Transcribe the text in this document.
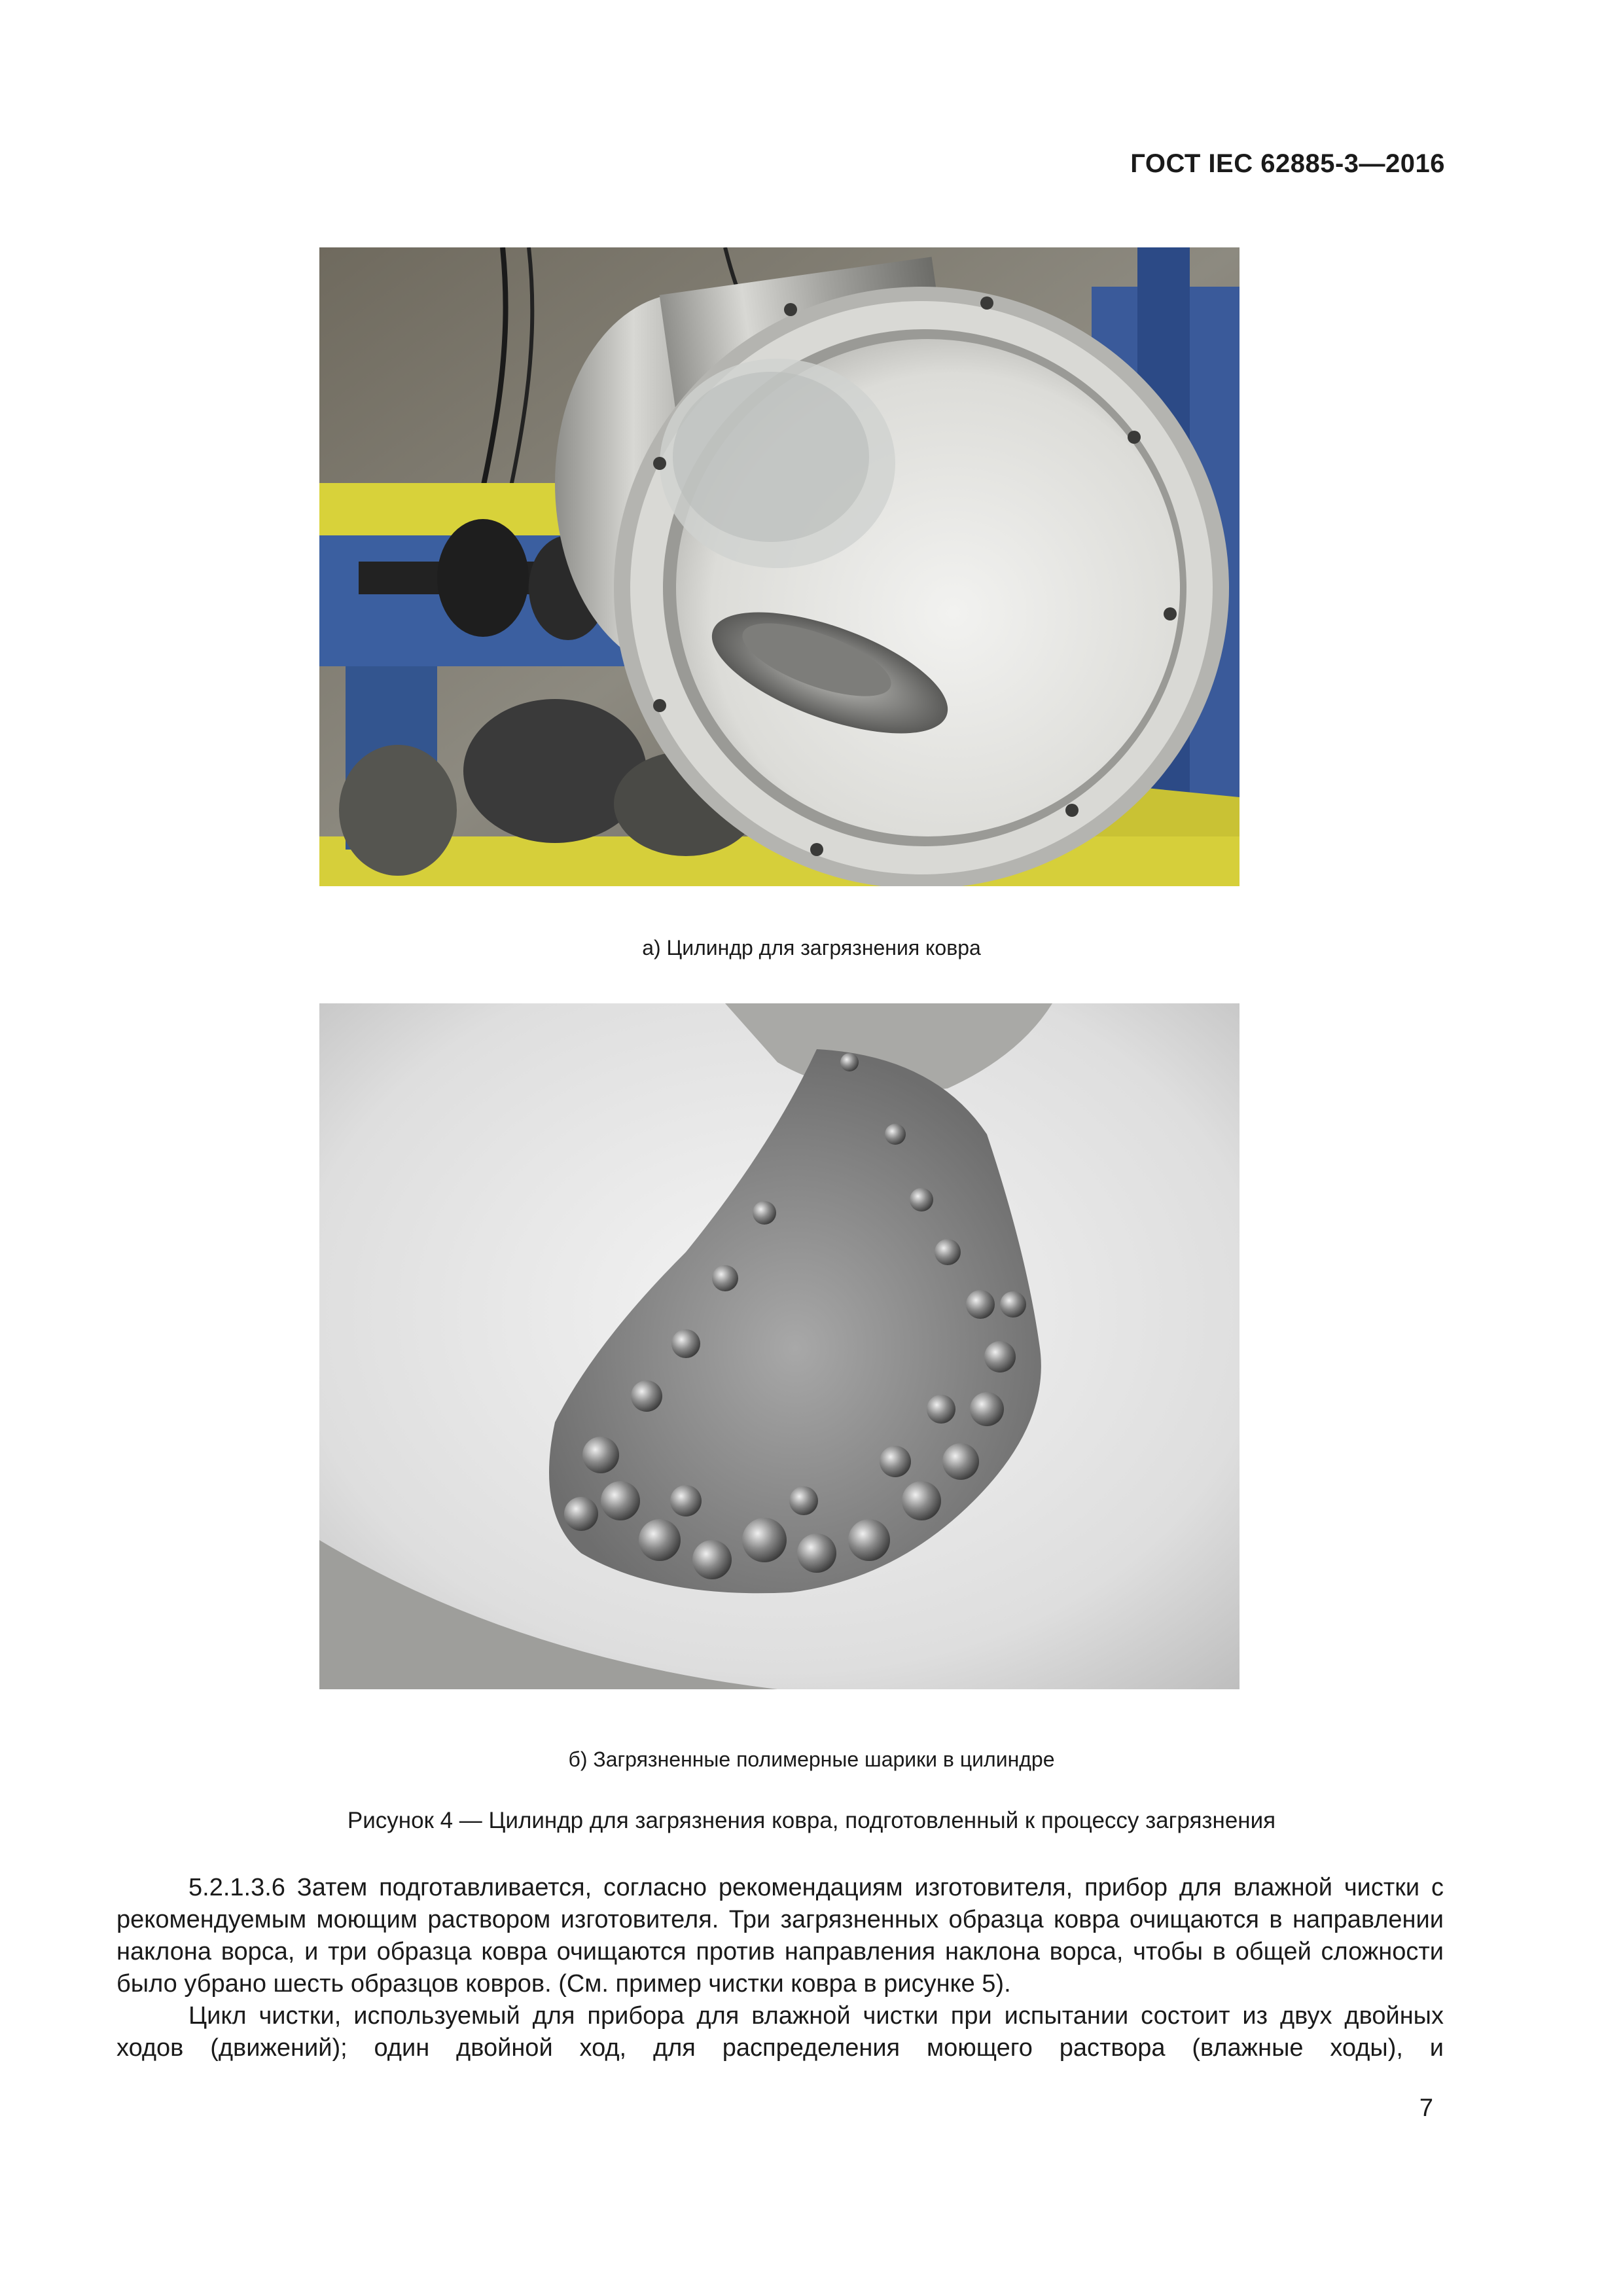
ГОСТ IEC 62885-3—2016
а) Цилиндр для загрязнения ковра
б) Загрязненные полимерные шарики в цилиндре
Рисунок 4 — Цилиндр для загрязнения ковра, подготовленный к процессу загрязнения

5.2.1.3.6 Затем подготавливается, согласно рекомендациям изготовителя, прибор для влажной чистки с рекомендуемым моющим раствором изготовителя. Три загрязненных образца ковра очищаются в направлении наклона ворса, и три образца ковра очищаются против направления наклона ворса, чтобы в общей сложности было убрано шесть образцов ковров. (См. пример чистки ковра в рисунке 5).

Цикл чистки, используемый для прибора для влажной чистки при испытании состоит из двух двойных ходов (движений); один двойной ход, для распределения моющего раствора (влажные ходы), и

7
